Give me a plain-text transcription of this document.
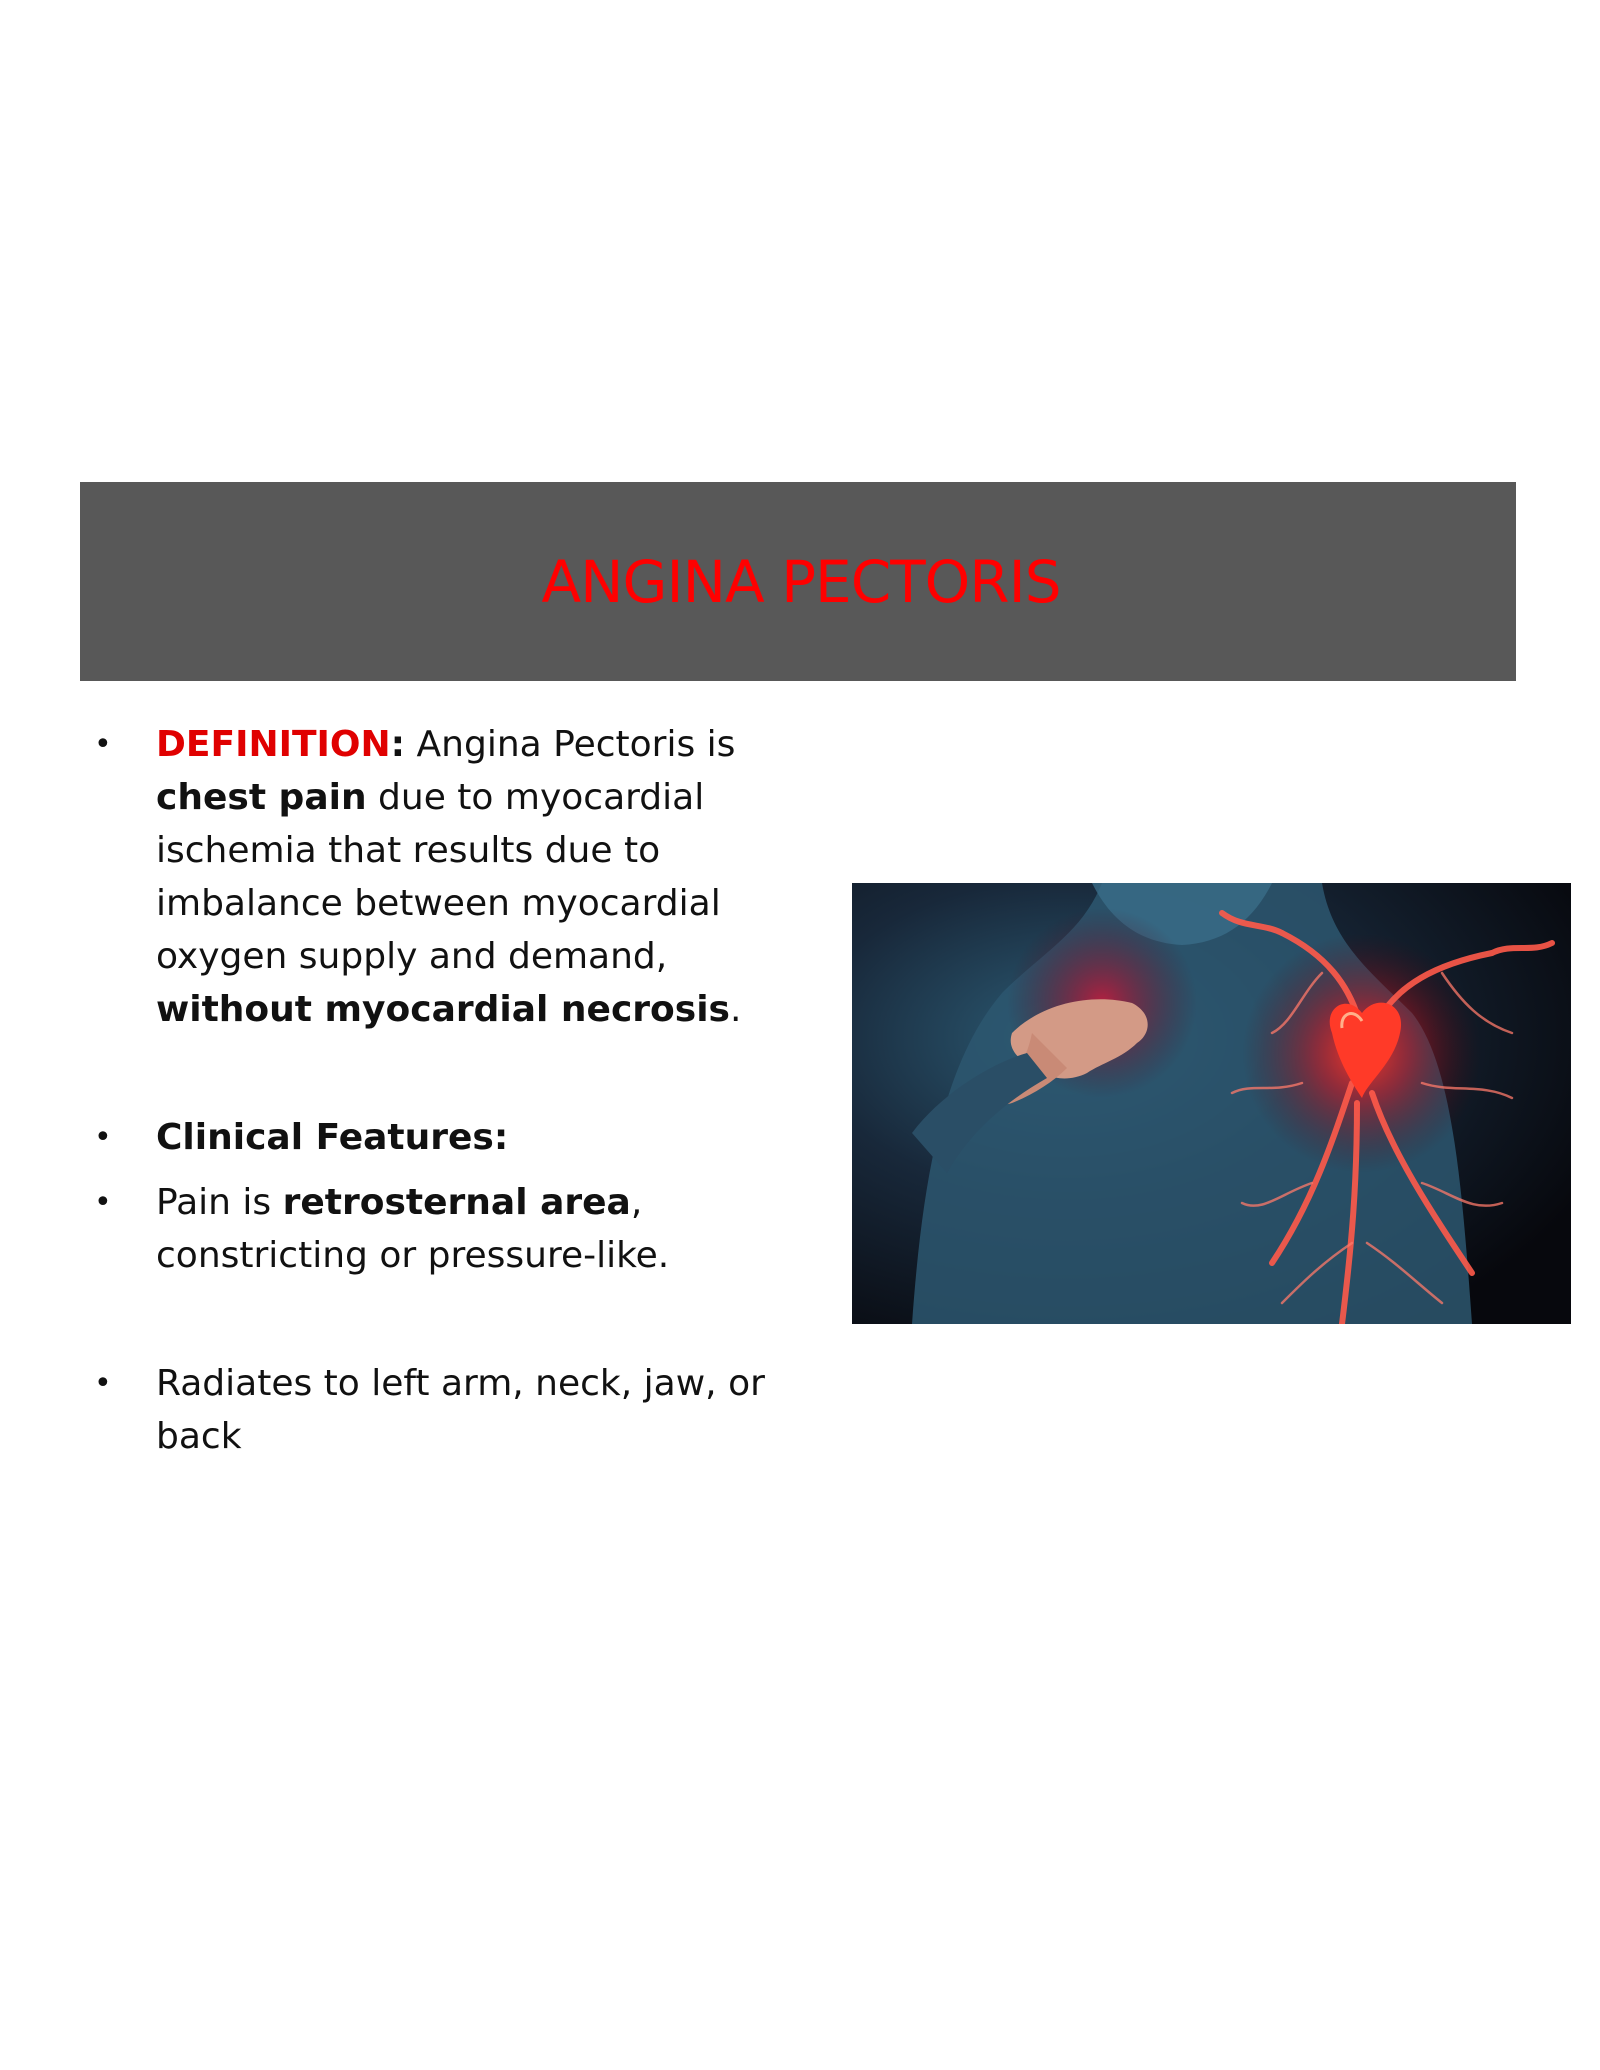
ANGINA PECTORIS
• DEFINITION: Angina Pectoris is
chest pain due to myocardial ischemia that results due to imbalance between myocardial oxygen supply and demand,
without myocardial necrosis.
• Clinical Features:
• Pain is retrosternal area, constricting or pressure-like.
• Radiates to left arm, neck, jaw, or back
